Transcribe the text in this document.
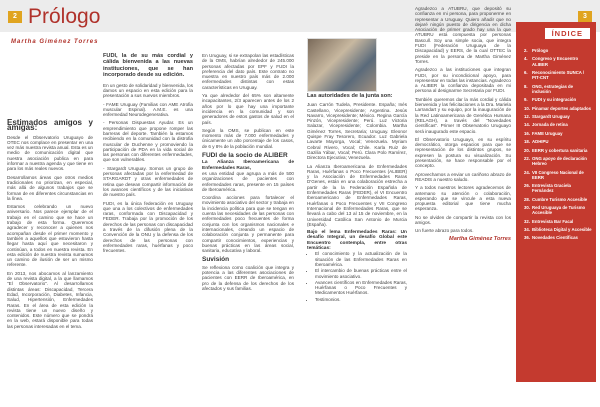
2 Prólogo
Martha Giménez Torres
Estimados amigos y amigas:

Desde el Observatorio Uruguayo de OTEC nos complace en presentar en una vez más nuestra revista anual. Esta es un medio de comunicación digital que nuestra asociación publica en para informar a nuestra agenda y que tiene en para los más reales nuevos.

Desarrollamos áreas que otros medios tradicionales no priorizan, en especial, más allá de algunos trabajos que se forman de en diferentes circunstancias en la línea.

Estamos celebrando un nuevo aniversario. Nos parece ejemplar de el trabajo en el camino que se hace un trabajo de esta forma. Queremos agradecer y reconocer a quienes nos acompañan desde el primer momento y también a aquellos que estuvieron hasta llegar hasta aquí que necesitaron y continúan, a todos en nuestra revista. En esta edición de nuestra revista sumamos un camino de ilusión de ser un mismo referente.

En 2013, nos abocamos al lanzamiento de una revista digital, a la que llamamos "El Observatorio". Al desarrollamos distintas áreas: Discapacidad, Tercera Edad, Incorporación, Diabetes, Infancia, Salud, Hipertensión, Enfermedades Raras. En el área de esta edición la revista tiene un nuevo diseño y contenidos. Este número que se pondrá en la web, estará disponible para todas las personas interesadas en el tema.

FUDI, la de su más cordial y cálida bienvenida a las nuevas instituciones, que se han incorporado desde su edición.

En un gesto de solidaridad y bienvenida, los damos un espacio en esta edición para la presentación a sus nuevos miembros.

- FAME Uruguay (Familias con AME Atrofia muscular Espinal). A.M.E. es una enfermedad Neurodegenerativa.

- Personas Dispuestas Ayudar. Es un emprendimiento que propone romper las barreras del deporte. También la estamos recibiendo en la comunidad con la distrofia muscular de Duchenne y promoviendo la participación de PDA en la vida social de las personas con diferentes enfermedades, que son vulnerables.

- Stargardt Uruguay. Somos un grupo de personas afectadas por la enfermedad de STARGARDT y otras enfermedades de retina que desean compartir información de los avances científicos y de las iniciativas de nuestro país.

FUDI, es la única federación en Uruguay que una a los colectivos de enfermedades raras, conformada con Discapacidad y FEDER. Trabaja por la promoción de los derechos de las personas con discapacidad a través de la difusión plena de la Convención de la ONU y la defensa de los derechos de las personas con enfermedades raras, huérfanas y poco frecuentes.

En Uruguay, si se extrapolan las estadísticas de la OMS, habrían alrededor de 245.000 personas afectadas por EPF y FUDI la preferencia del dato país. Este contrato no muestra en nuestro país más de 2.000 enfermedades distintas con estas características en Uruguay.

Ya que alrededor del 65% son altamente incapacitantes, 2/3 aparecen antes de los 2 años por lo que hay una importante incidencia en la comunidad y son generadores de estos gastos de salud en el país.

Según la OMS, se publican en este momento más de 7.000 enfermedades y únicamente un alto porcentaje de los casos, de 6 y 8% de la población mundial.

FUDI de la socio de ALIBER
La Alianza Iberoamericana de Enfermedades Raras,

es una entidad que agrupa a más de 500 organizaciones de pacientes con enfermedades raras, presente en 15 países de Iberoamérica.

Coordina acciones para fortalecer el movimiento asociativo del sector y trabaja en la incidencia política para que se tengan en cuenta las necesidades de las personas con enfermedades poco frecuentes de forma conjunta con los organismos nacionales e internacionales, creando un espacio de colaboración conjunta y permanente para compartir conocimientos, experiencias y buenas prácticas en las áreas social, sanitaria, educativa y laboral.

Suvisión

Se reflexiona como coalición que integra y potencia a las diferentes asociaciones de pacientes con EERR de Iberoamérica, en pro de la defensa de los derechos de los afectados y sus familias.

3
Las autoridades de la junta son:

Juan Carrón Tudela, Presidente. España; Inés Castellano, Vicepresidente; Argentina. Jesús Navarro, Vicepresidente; México. Regina García Pinzón, Vicepresidente; Perú. Luz Victoria Salazar, Vicepresidente; Colombia. Martha Giménez Torres, Secretaria; Uruguay. Eleonor Quispe Fray Tesorero, Ecuador. Luz Gabriela Lavarte Mayorga, Vocal; Venezuela. Myriam Cebral Rivero, Vocal; Chile. Karla Ruiz de Gazilia Yábar, Vocal; Perú. Clara Polo Ramírez, Directora Ejecutiva; Venezuela.

La Alianza Iberoamericana de Enfermedades Raras, Huérfanas o Poco Frecuentes (ALIBER) y la Asociación de Enfermedades Raras D'Genes, están en una colaboración estrecha a partir de la la Federación Española de Enfermedades Raras (FEDER), el VI Encuentro Iberoamericano de Enfermedades Raras, Huérfanas o Poco Frecuentes y VII Congreso Internacional de Enfermedades Raras, que se llevará a cabo del 13 al 15 de noviembre, en la Universidad Católica San Antonio de Murcia (España).

Bajo el lema Enfermedades Raras: Un desafío Integral, un desafío Global este Encuentro contempla, entre otras temáticas:
• El conocimiento y la actualización de la situación de las Enfermedades Raras en Iberoamérica.
• El intercambio de buenas prácticas entre el movimiento asociativo.
• Avances científicos en Enfermedades Raras, Huérfanas o Poco Frecuentes y Medicamentos Huérfanos.
• Testimonios.

Agradezco a ATUBRU, que depositó su confianza en mi persona, para proponerme en representar a Uruguay. Quiero añadir que no dejaré ningún puesto de dirigencia en dicha Asociación de primer grado hay una la que ATUBRU está compuesta por personas Bascull. Soy una simple socia, que integra FUDI (Federación Uruguaya de la Discapacidad) y EERS, de la cual OTTEC la preside en la persona de Martha Giménez Torres.

Agradezco a las instituciones que integran FUDI, por su incondicional apoyo, para representar en todas las instancias. Agradezco a ALIBER la confianza depositada en mi persona al designarme Secretaria por FUDI.

También queremos dar la más cordial y cálida bienvenida y las felicitaciones a la Dra. Mariela Larrandart y su equipo, por la inauguración de la Red Latinoamericana de Genética Humana (RELAGH), a través del "Novedades científicas". Primer III Observatorio Uruguayo será inaugurado este espacio.

El Observatorio Uruguayo, en su espíritu democrático, otorga espacios para que se representación de los distintos grupos, se expresen la postura su visualización. Su presentación, se hace responsable por el concepto.

Aprovechamos a enviar un cariñoso abrazo de READIS a nuestro saludo.

Y a todos nuestros lectores agradecemos de antemano su atención o colaboración, esperando que se vincule a esta nueva propuesta editorial que tiene mucha esperanza.

No se olviden de compartir la revista con los amigos.

Un fuerte abrazo para todos.

Martha Giménez Torres
ÍNDICE
2.	Prólogo
4.	Congreso y Encuentro ALIBER
6.	Reconocimiento SUNCA / PIT-CNT
8.	ONG, estrategias de inclusión
9.	FUDI y su integración
10. Pinamar deportes adaptados
12. Stargardt Uruguay
14. Jornada de retina
16. FAME Uruguay
18. ADHIPU
20. EERR y cobertura sanitaria
22. ONG apoyo de declaración Hebreo
24. VII Congreso Nacional de EERR
26. Entrevista Graciela Fernández
28. Cumbre Turismo Accesible
30. Red Uruguaya de Turismo Accesible
32. Entrevista Bar Facal
34. Biblioteca Digital y Accesible
36. Novedades Científicas
